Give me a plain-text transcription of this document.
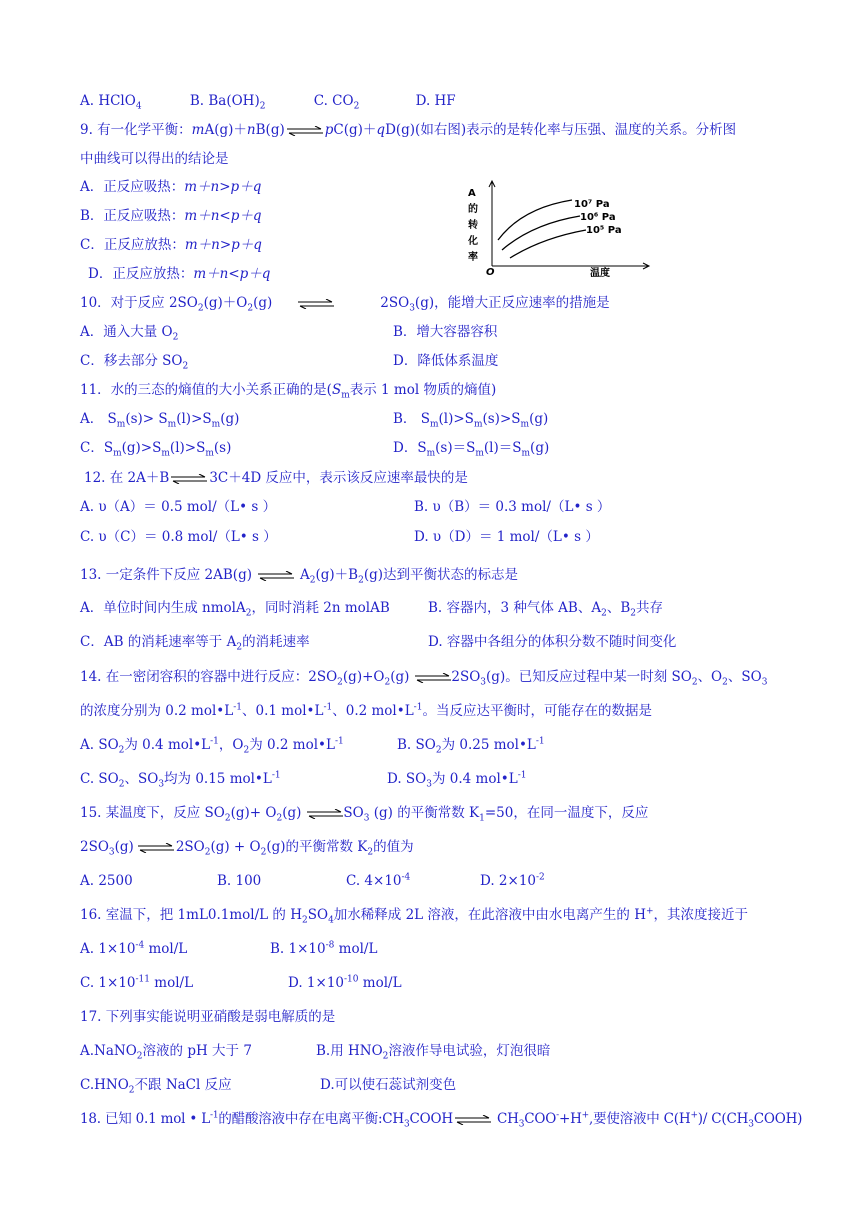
A. HClO$_4$	B. $Ba(OH)_2$	C. $CO_2$	D. HF
9. 有一化学平衡：mA(g)＋nB(g) ⇌ pC(g)＋qD(g)(如右图)表示的是转化率与压强、温度的关系。分析图
中曲线可以得出的结论是
A．正反应吸热：m＋n>p＋q
B．正反应吸热：m＋n<p＋q
C．正反应放热：m＋n>p＋q
D．正反应放热：m＋n<p＋q
A
的
转
化
率
O	温度
10⁷ Pa
10⁶ Pa
10⁵ Pa
10．对于反应 $2SO_2(g)+O_2(g)$	$2SO_3(g)$，能增大正反应速率的措施是
A．通入大量 $O_2$	B．增大容器容积
C．移去部分 $SO_2$	D．降低体系温度
11．水的三态的熵值的大小关系正确的是($S_m$表示 1 mol 物质的熵值)
A． $S_m(s)> S_m(l)>S_m(g)$	B． $S_m(l)>S_m(s)>S_m(g)$
C．$S_m(g)>S_m(l)>S_m(s)$	D．$S_m(s)=S_m(l)=S_m(g)$
12. 在 2A＋B ⇌ 3C＋4D 反应中，表示该反应速率最快的是
A. υ（A）＝ 0.5 mol/（L• s ）	B. υ（B）＝ 0.3 mol/（L• s ）
C. υ（C）＝ 0.8 mol/（L• s ）	D. υ（D）＝ 1 mol/（L• s ）
13. 一定条件下反应 2AB(g) ⇌ $A_2(g)+B_2(g)$达到平衡状态的标志是
A．单位时间内生成 nmolA$_2$，同时消耗 2n molAB	B. 容器内，3 种气体 AB、$A_2$、$B_2$共存
C．AB 的消耗速率等于 $A_2$的消耗速率	D. 容器中各组分的体积分数不随时间变化
14. 在一密闭容积的容器中进行反应：$2SO_2(g)+O_2(g)$ $\rightleftharpoons 2SO_3(g)$。已知反应过程中某一时刻 $SO_2$、$O_2$、$SO_3$
的浓度分别为 0.2 $mol•L^{-1}$、0.1 $mol•L^{-1}$、0.2 $mol•L^{-1}$。当反应达平衡时，可能存在的数据是
A. $SO_2$为 0.4 $mol•L^{-1}$，$O_2$为 0.2 $mol•L^{-1}$	B. $SO_2$为 0.25 $mol•L^{-1}$
C. $SO_2$、$SO_3$均为 0.15 $mol•L^{-1}$	D. $SO_3$为 0.4 $mol•L^{-1}$
15. 某温度下，反应 $SO_2(g)+ O_2(g)$ $\rightleftharpoons SO_3$ (g) 的平衡常数 $K_1=50$，在同一温度下，反应
$2SO_3(g)$ ⇌ $2SO_2(g) + O_2(g)$的平衡常数 $K_2$的值为
A. 2500	B. 100	C. $4\times 10^{-4}$	D. $2\times 10^{-2}$
16. 室温下，把 1mL0.1mol/L 的 $H_2SO_4$加水稀释成 2L 溶液，在此溶液中由水电离产生的 H+，其浓度接近于
A. $1\times 10^{-4}$ mol/L	B. $1\times 10^{-8}$ mol/L
C. $1\times 10^{-11}$ mol/L	D. $1\times 10^{-10}$ mol/L
17. 下列事实能说明亚硝酸是弱电解质的是
A.NaNO$_2$溶液的 pH 大于 7	B.用 $HNO_2$溶液作导电试验，灯泡很暗
$C.HNO_2$不跟 NaCl 反应	D.可以使石蕊试剂变色
18. 已知 0.1 mol • $L^{-1}$的醋酸溶液中存在电离平衡$:CH_3COOH$ ⇌ $CH_3COO^-+H^+$,要使溶液中 C(H+)/ $C(CH_3COOH)$
